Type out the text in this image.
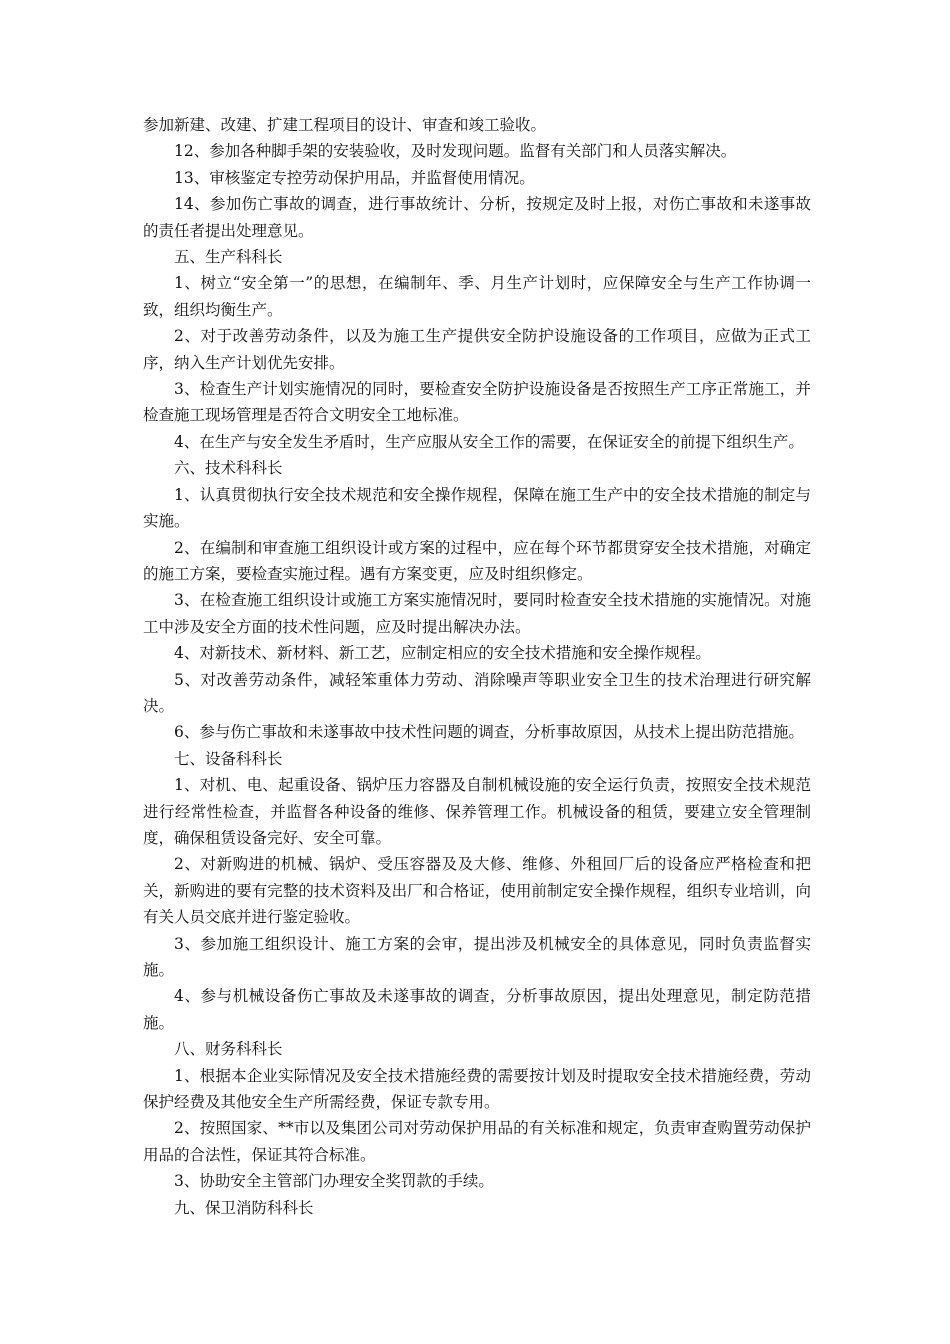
参加新建、改建、扩建工程项目的设计、审查和竣工验收。

12、参加各种脚手架的安装验收，及时发现问题。监督有关部门和人员落实解决。

13、审核鉴定专控劳动保护用品，并监督使用情况。

14、参加伤亡事故的调查，进行事故统计、分析，按规定及时上报，对伤亡事故和未遂事故的责任者提出处理意见。

五、生产科科长

1、树立“安全第一”的思想，在编制年、季、月生产计划时，应保障安全与生产工作协调一致，组织均衡生产。

2、对于改善劳动条件，以及为施工生产提供安全防护设施设备的工作项目，应做为正式工序，纳入生产计划优先安排。

3、检查生产计划实施情况的同时，要检查安全防护设施设备是否按照生产工序正常施工，并检查施工现场管理是否符合文明安全工地标准。

4、在生产与安全发生矛盾时，生产应服从安全工作的需要，在保证安全的前提下组织生产。

六、技术科科长

1、认真贯彻执行安全技术规范和安全操作规程，保障在施工生产中的安全技术措施的制定与实施。

2、在编制和审查施工组织设计或方案的过程中，应在每个环节都贯穿安全技术措施，对确定的施工方案，要检查实施过程。遇有方案变更，应及时组织修定。

3、在检查施工组织设计或施工方案实施情况时，要同时检查安全技术措施的实施情况。对施工中涉及安全方面的技术性问题，应及时提出解决办法。

4、对新技术、新材料、新工艺，应制定相应的安全技术措施和安全操作规程。

5、对改善劳动条件，减轻笨重体力劳动、消除噪声等职业安全卫生的技术治理进行研究解决。

6、参与伤亡事故和未遂事故中技术性问题的调查，分析事故原因，从技术上提出防范措施。

七、设备科科长

1、对机、电、起重设备、锅炉压力容器及自制机械设施的安全运行负责，按照安全技术规范进行经常性检查，并监督各种设备的维修、保养管理工作。机械设备的租赁，要建立安全管理制度，确保租赁设备完好、安全可靠。

2、对新购进的机械、锅炉、受压容器及及大修、维修、外租回厂后的设备应严格检查和把关，新购进的要有完整的技术资料及出厂和合格证，使用前制定安全操作规程，组织专业培训，向有关人员交底并进行鉴定验收。

3、参加施工组织设计、施工方案的会审，提出涉及机械安全的具体意见，同时负责监督实施。

4、参与机械设备伤亡事故及未遂事故的调查，分析事故原因，提出处理意见，制定防范措施。

八、财务科科长

1、根据本企业实际情况及安全技术措施经费的需要按计划及时提取安全技术措施经费，劳动保护经费及其他安全生产所需经费，保证专款专用。

2、按照国家、**市以及集团公司对劳动保护用品的有关标准和规定，负责审查购置劳动保护用品的合法性，保证其符合标准。

3、协助安全主管部门办理安全奖罚款的手续。

九、保卫消防科科长
